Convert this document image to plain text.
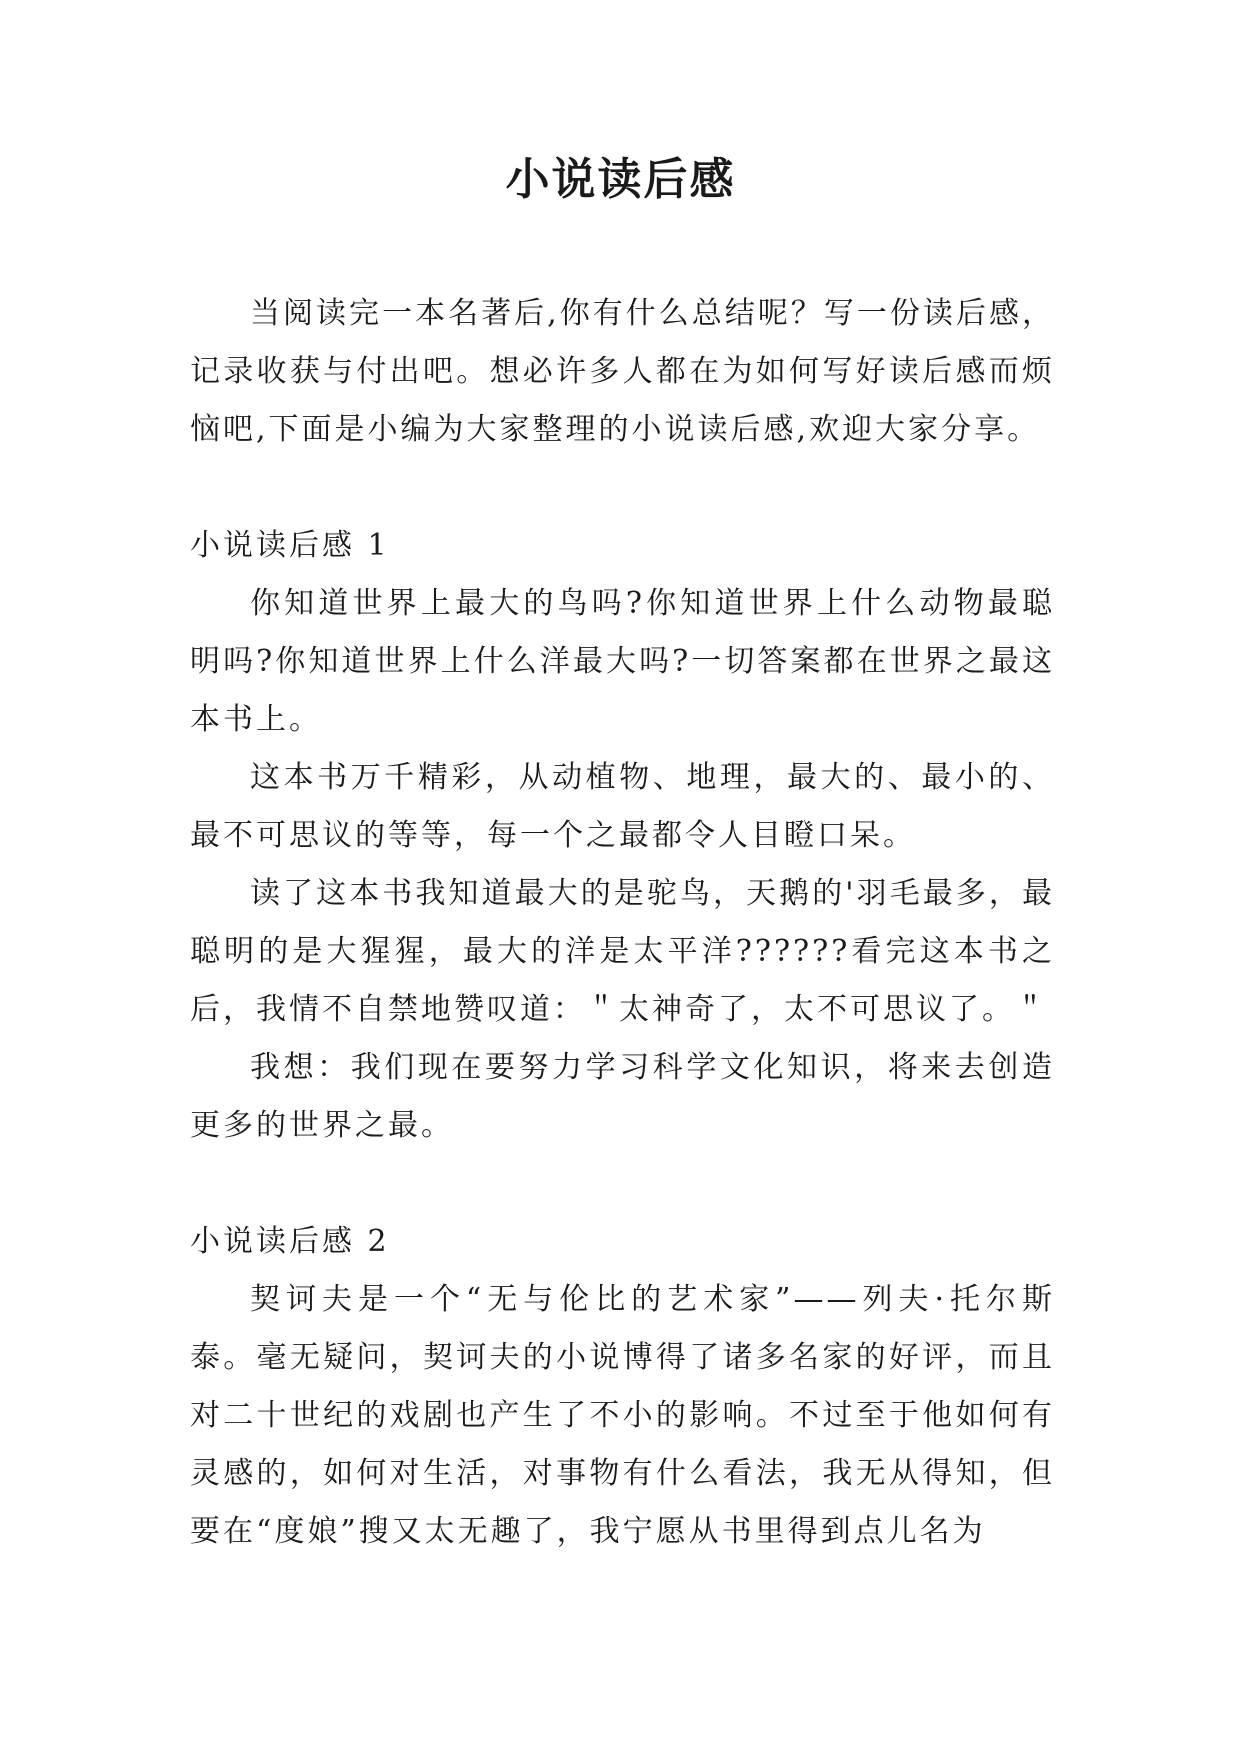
小说读后感

当阅读完一本名著后,你有什么总结呢？写一份读后感，记录收获与付出吧。想必许多人都在为如何写好读后感而烦恼吧,下面是小编为大家整理的小说读后感,欢迎大家分享。

小说读后感 1

你知道世界上最大的鸟吗?你知道世界上什么动物最聪明吗?你知道世界上什么洋最大吗?一切答案都在世界之最这本书上。

这本书万千精彩，从动植物、地理，最大的、最小的、最不可思议的等等，每一个之最都令人目瞪口呆。

读了这本书我知道最大的是驼鸟，天鹅的'羽毛最多，最聪明的是大猩猩，最大的洋是太平洋??????看完这本书之后，我情不自禁地赞叹道：＂太神奇了，太不可思议了。＂

我想：我们现在要努力学习科学文化知识，将来去创造更多的世界之最。

小说读后感 2

契诃夫是一个“无与伦比的艺术家”——列夫·托尔斯泰。毫无疑问，契诃夫的小说博得了诸多名家的好评，而且对二十世纪的戏剧也产生了不小的影响。不过至于他如何有灵感的，如何对生活，对事物有什么看法，我无从得知，但要在“度娘”搜又太无趣了，我宁愿从书里得到点儿名为
